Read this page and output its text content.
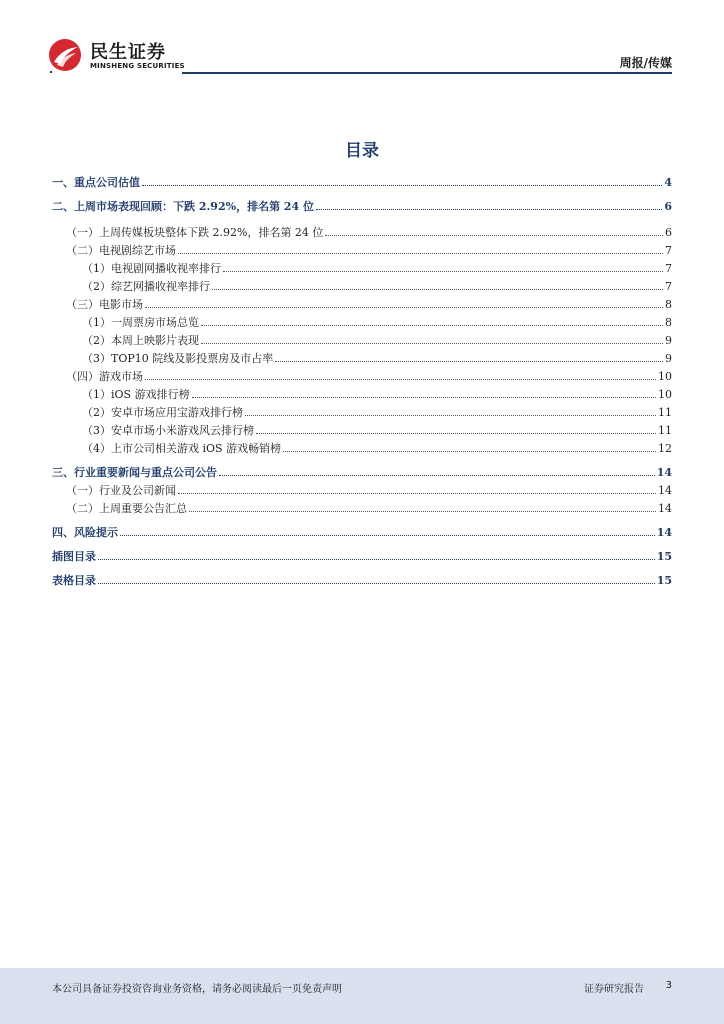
民生证券
MINSHENG SECURITIES	周报/传媒
目录
一、重点公司估值	4
二、上周市场表现回顾：下跌 2.92%，排名第 24 位	6
（一）上周传媒板块整体下跌 2.92%，排名第 24 位	6
（二）电视剧综艺市场	7
（1）电视剧网播收视率排行	7
（2）综艺网播收视率排行	7
（三）电影市场	8
（1）一周票房市场总览	8
（2）本周上映影片表现	9
（3）TOP10 院线及影投票房及市占率	9
（四）游戏市场	10
（1）iOS 游戏排行榜	10
（2）安卓市场应用宝游戏排行榜	11
（3）安卓市场小米游戏风云排行榜	11
（4）上市公司相关游戏 iOS 游戏畅销榜	12
三、行业重要新闻与重点公司公告	14
（一）行业及公司新闻	14
（二）上周重要公告汇总	14
四、风险提示	14
插图目录	15
表格目录	15
本公司具备证券投资咨询业务资格，请务必阅读最后一页免责声明	证券研究报告 3
